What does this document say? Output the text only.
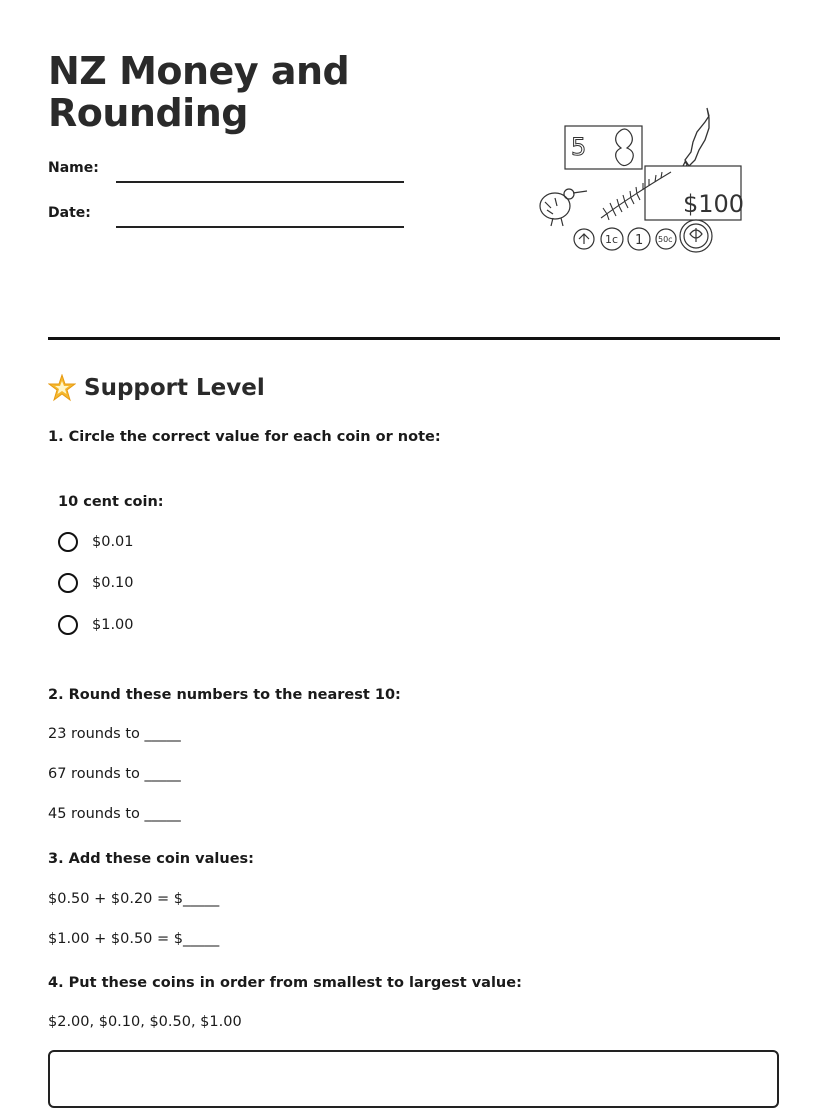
NZ Money and Rounding
Name:
Date:
5
$100
1c 1 50c
Support Level
1. Circle the correct value for each coin or note:
10 cent coin:
$0.01
$0.10
$1.00
2. Round these numbers to the nearest 10:
23 rounds to _____
67 rounds to _____
45 rounds to _____
3. Add these coin values:
$0.50 + $0.20 = $_____
$1.00 + $0.50 = $_____
4. Put these coins in order from smallest to largest value:
$2.00, $0.10, $0.50, $1.00
